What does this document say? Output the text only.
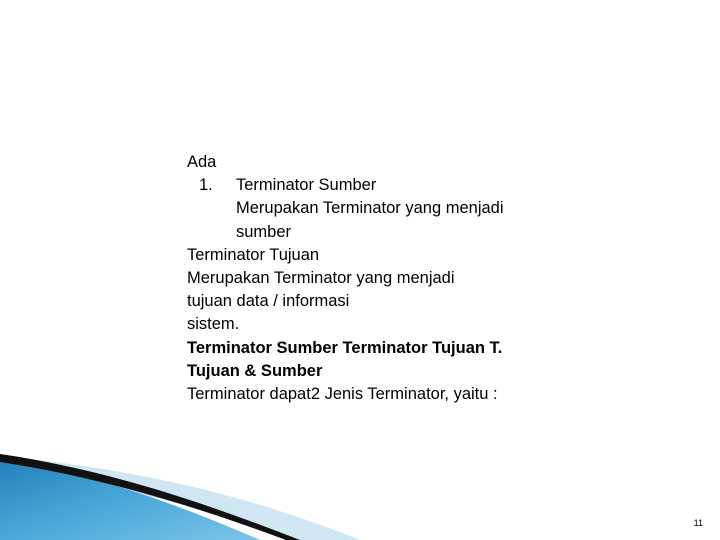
Ada
1.	Terminator Sumber
Merupakan Terminator yang menjadi
sumber
Terminator Tujuan
Merupakan Terminator yang menjadi
tujuan data / informasi
sistem.
Terminator Sumber Terminator Tujuan T.
Tujuan & Sumber
Terminator dapat2 Jenis Terminator, yaitu :
11
